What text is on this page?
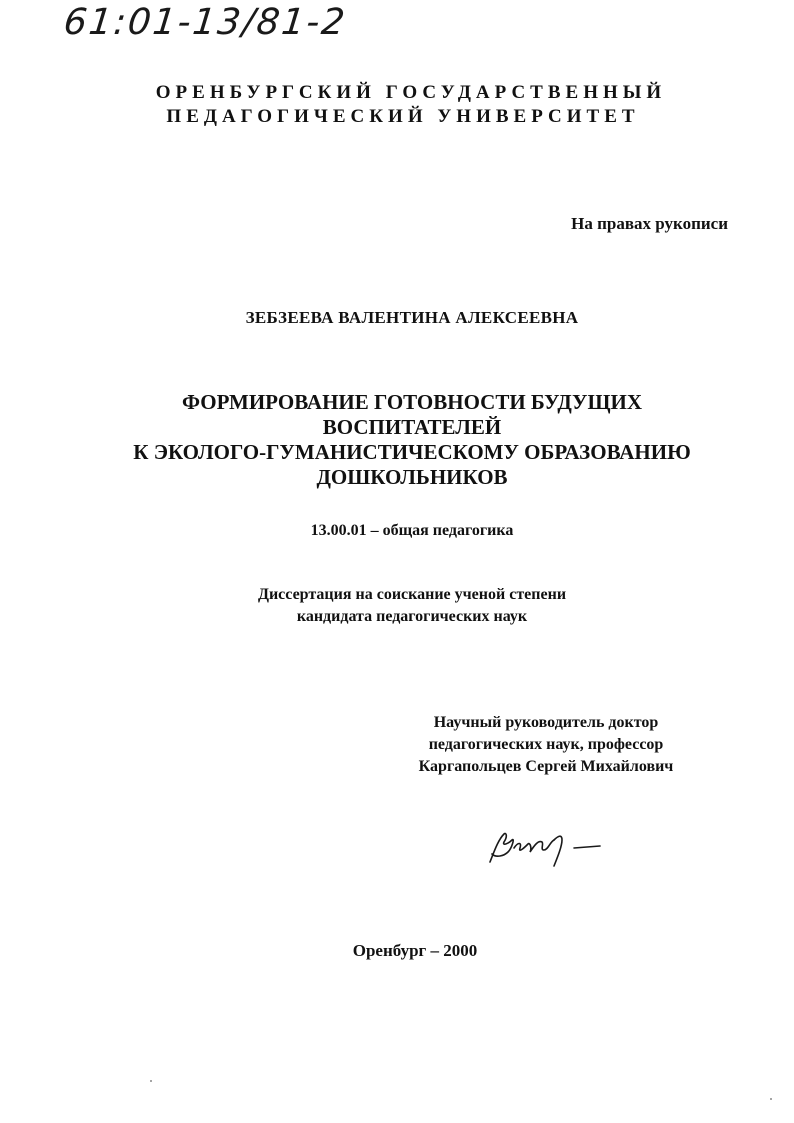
61:01-13/81-2
ОРЕНБУРГСКИЙ ГОСУДАРСТВЕННЫЙ
ПЕДАГОГИЧЕСКИЙ УНИВЕРСИТЕТ
На правах рукописи
ЗЕБЗЕЕВА ВАЛЕНТИНА АЛЕКСЕЕВНА
ФОРМИРОВАНИЕ ГОТОВНОСТИ БУДУЩИХ
ВОСПИТАТЕЛЕЙ
К ЭКОЛОГО-ГУМАНИСТИЧЕСКОМУ ОБРАЗОВАНИЮ
ДОШКОЛЬНИКОВ
13.00.01 – общая педагогика
Диссертация на соискание ученой степени
кандидата педагогических наук
Научный руководитель доктор
педагогических наук, профессор
Каргапольцев Сергей Михайлович
Оренбург – 2000
